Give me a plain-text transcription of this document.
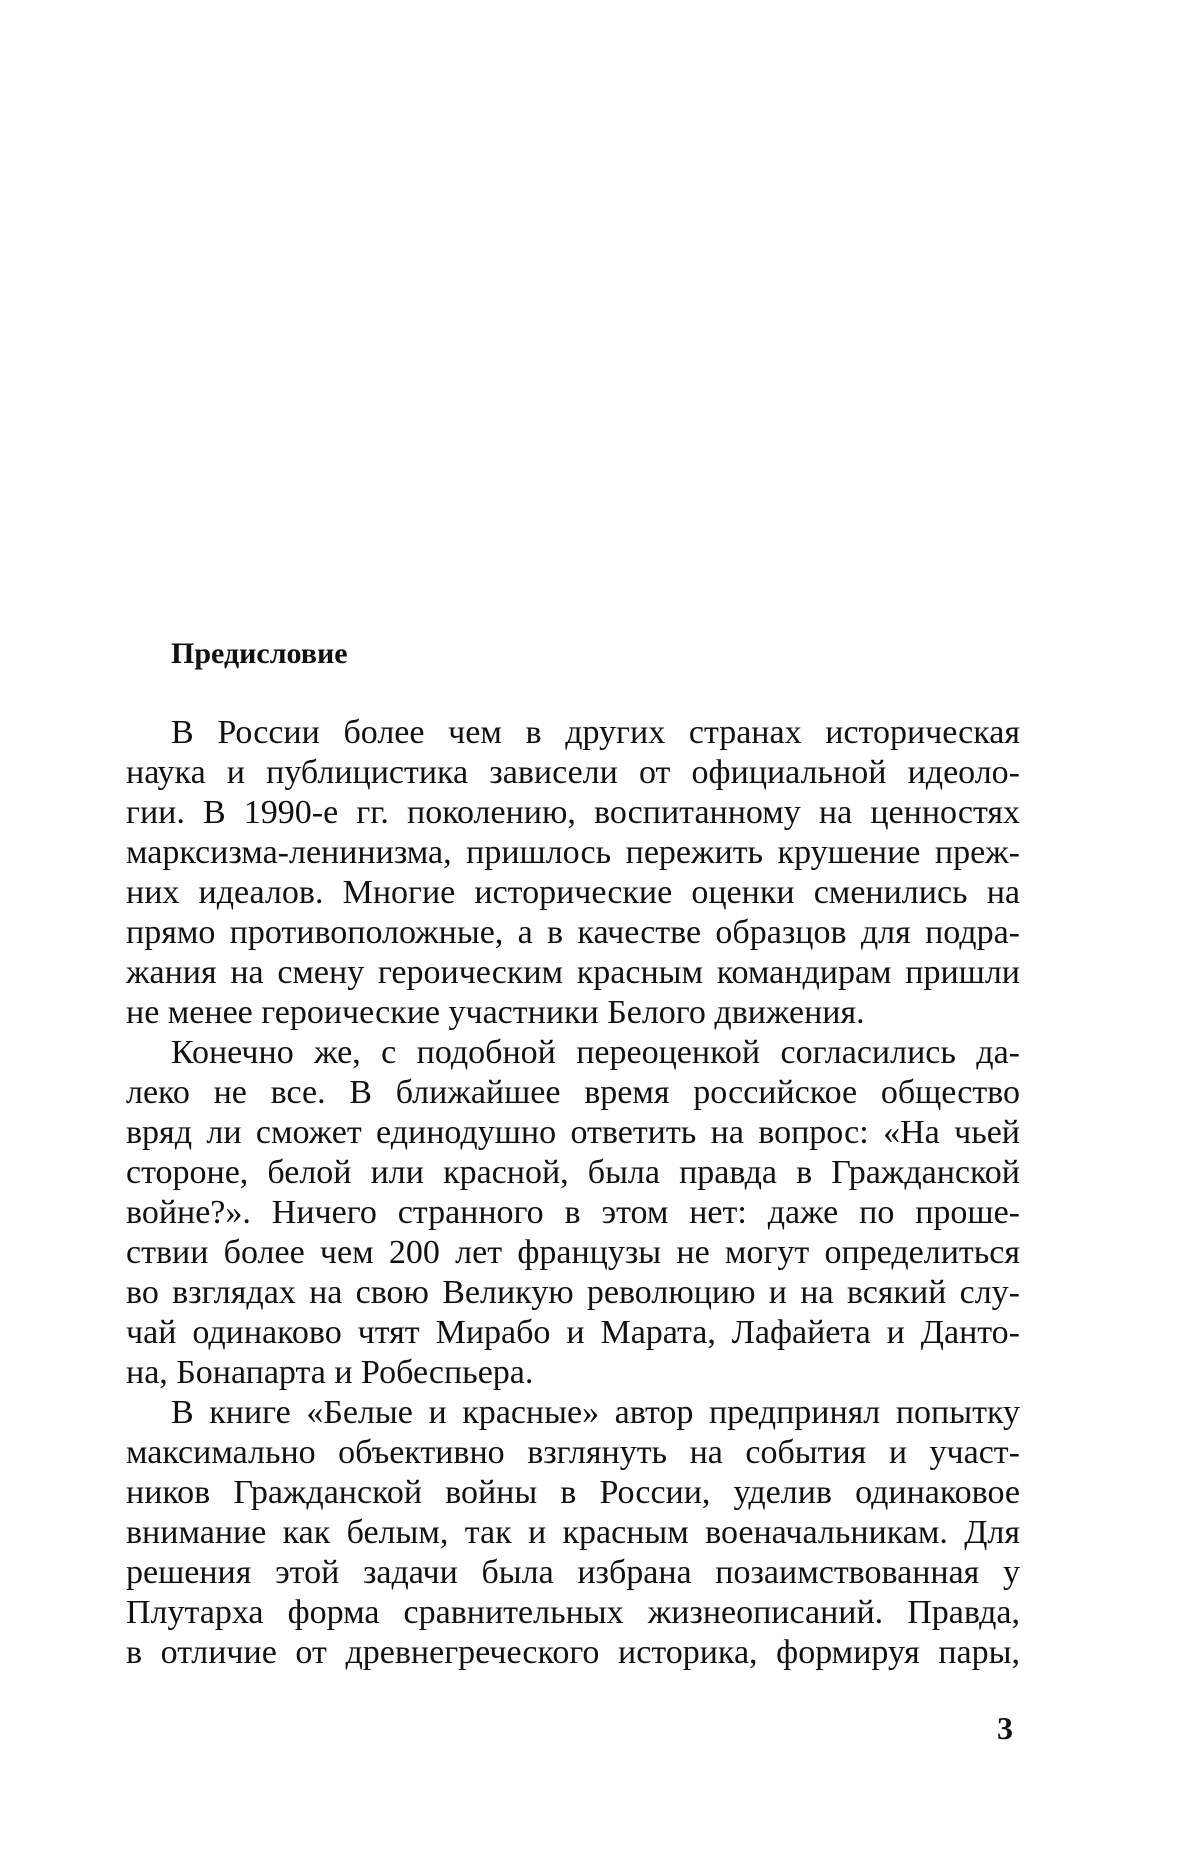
Предисловие
В России более чем в других странах историческая
наука и публицистика зависели от официальной идеоло-
гии. В 1990-е гг. поколению, воспитанному на ценностях
марксизма-ленинизма, пришлось пережить крушение преж-
них идеалов. Многие исторические оценки сменились на
прямо противоположные, а в качестве образцов для подра-
жания на смену героическим красным командирам пришли
не менее героические участники Белого движения.
Конечно же, с подобной переоценкой согласились да-
леко не все. В ближайшее время российское общество
вряд ли сможет единодушно ответить на вопрос: «На чьей
стороне, белой или красной, была правда в Гражданской
войне?». Ничего странного в этом нет: даже по проше-
ствии более чем 200 лет французы не могут определиться
во взглядах на свою Великую революцию и на всякий слу-
чай одинаково чтят Мирабо и Марата, Лафайета и Данто-
на, Бонапарта и Робеспьера.
В книге «Белые и красные» автор предпринял попытку
максимально объективно взглянуть на события и участ-
ников Гражданской войны в России, уделив одинаковое
внимание как белым, так и красным военачальникам. Для
решения этой задачи была избрана позаимствованная у
Плутарха форма сравнительных жизнеописаний. Правда,
в отличие от древнегреческого историка, формируя пары,
3
